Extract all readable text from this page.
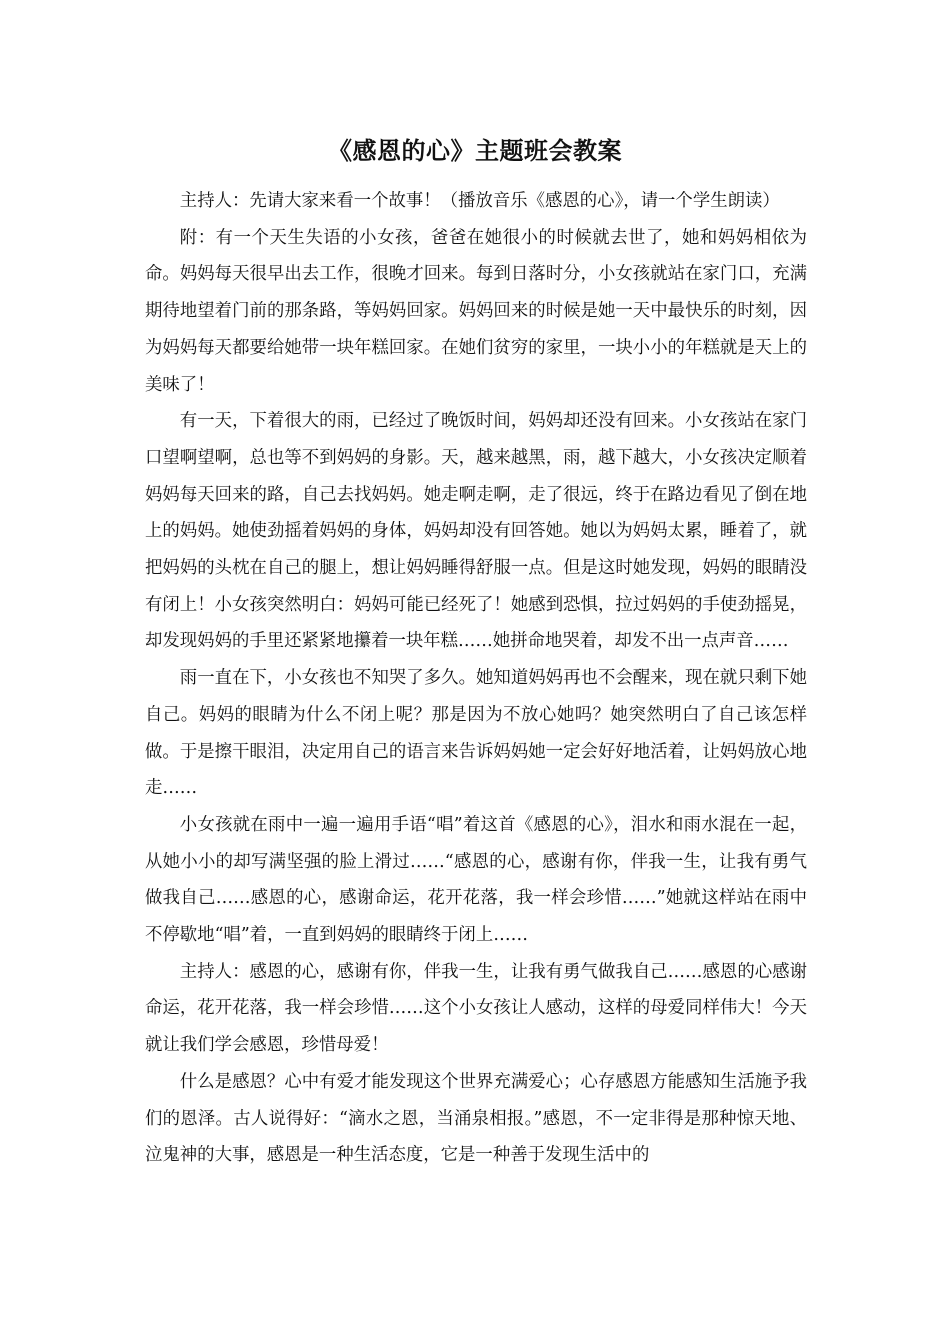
《感恩的心》主题班会教案

主持人：先请大家来看一个故事！（播放音乐《感恩的心》，请一个学生朗读）

附：有一个天生失语的小女孩，爸爸在她很小的时候就去世了，她和妈妈相依为命。妈妈每天很早出去工作，很晚才回来。每到日落时分，小女孩就站在家门口，充满期待地望着门前的那条路，等妈妈回家。妈妈回来的时候是她一天中最快乐的时刻，因为妈妈每天都要给她带一块年糕回家。在她们贫穷的家里，一块小小的年糕就是天上的美味了！

有一天，下着很大的雨，已经过了晚饭时间，妈妈却还没有回来。小女孩站在家门口望啊望啊，总也等不到妈妈的身影。天，越来越黑，雨，越下越大，小女孩决定顺着妈妈每天回来的路，自己去找妈妈。她走啊走啊，走了很远，终于在路边看见了倒在地上的妈妈。她使劲摇着妈妈的身体，妈妈却没有回答她。她以为妈妈太累，睡着了，就把妈妈的头枕在自己的腿上，想让妈妈睡得舒服一点。但是这时她发现，妈妈的眼睛没有闭上！小女孩突然明白：妈妈可能已经死了！她感到恐惧，拉过妈妈的手使劲摇晃，却发现妈妈的手里还紧紧地攥着一块年糕……她拼命地哭着，却发不出一点声音……

雨一直在下，小女孩也不知哭了多久。她知道妈妈再也不会醒来，现在就只剩下她自己。妈妈的眼睛为什么不闭上呢？那是因为不放心她吗？她突然明白了自己该怎样做。于是擦干眼泪，决定用自己的语言来告诉妈妈她一定会好好地活着，让妈妈放心地走……

小女孩就在雨中一遍一遍用手语“唱”着这首《感恩的心》，泪水和雨水混在一起，从她小小的却写满坚强的脸上滑过……“感恩的心，感谢有你，伴我一生，让我有勇气做我自己……感恩的心，感谢命运，花开花落，我一样会珍惜……”她就这样站在雨中不停歇地“唱”着，一直到妈妈的眼睛终于闭上……

主持人：感恩的心，感谢有你，伴我一生，让我有勇气做我自己……感恩的心感谢命运，花开花落，我一样会珍惜……这个小女孩让人感动，这样的母爱同样伟大！今天就让我们学会感恩，珍惜母爱！

什么是感恩？心中有爱才能发现这个世界充满爱心；心存感恩方能感知生活施予我们的恩泽。古人说得好：“滴水之恩，当涌泉相报。”感恩，不一定非得是那种惊天地、泣鬼神的大事，感恩是一种生活态度，它是一种善于发现生活中的
